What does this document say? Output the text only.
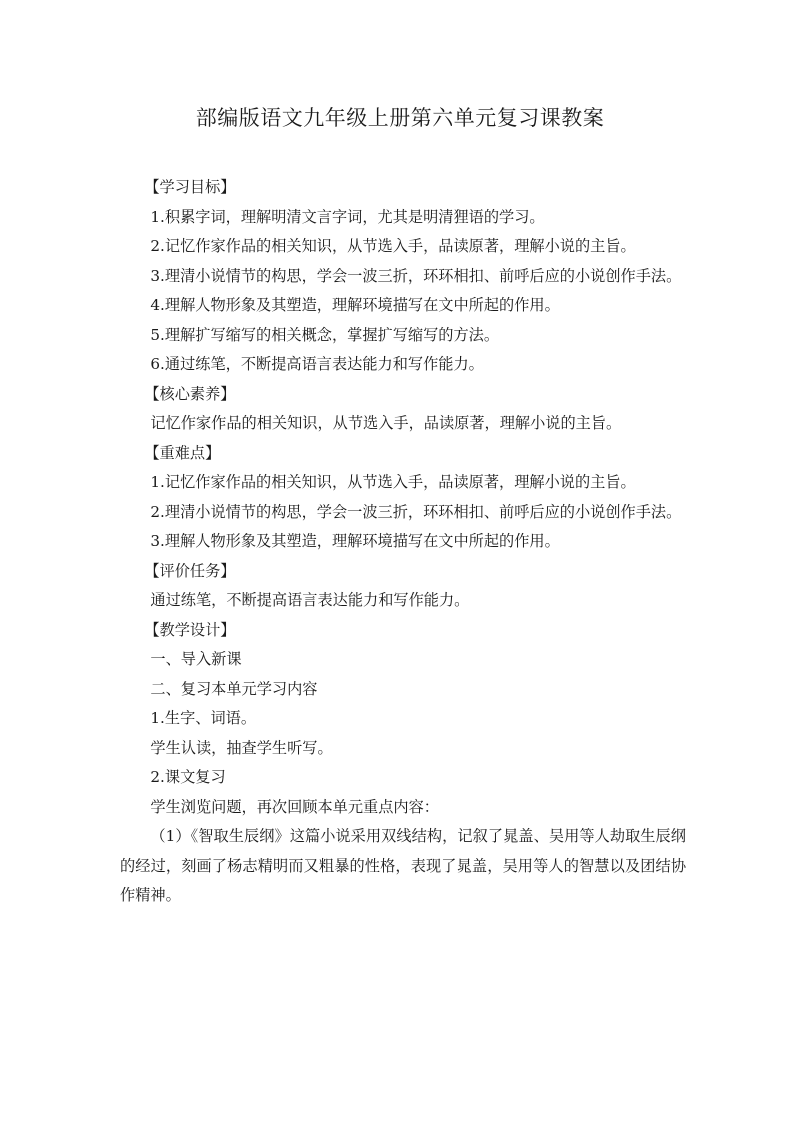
部编版语文九年级上册第六单元复习课教案

【学习目标】

1.积累字词，理解明清文言字词，尤其是明清狸语的学习。

2.记忆作家作品的相关知识，从节选入手，品读原著，理解小说的主旨。

3.理清小说情节的构思，学会一波三折，环环相扣、前呼后应的小说创作手法。

4.理解人物形象及其塑造，理解环境描写在文中所起的作用。

5.理解扩写缩写的相关概念，掌握扩写缩写的方法。

6.通过练笔，不断提高语言表达能力和写作能力。

【核心素养】

记忆作家作品的相关知识，从节选入手，品读原著，理解小说的主旨。

【重难点】

1.记忆作家作品的相关知识，从节选入手，品读原著，理解小说的主旨。

2.理清小说情节的构思，学会一波三折，环环相扣、前呼后应的小说创作手法。

3.理解人物形象及其塑造，理解环境描写在文中所起的作用。

【评价任务】

通过练笔，不断提高语言表达能力和写作能力。

【教学设计】

一、导入新课

二、复习本单元学习内容

1.生字、词语。

学生认读，抽查学生听写。

2.课文复习

学生浏览问题，再次回顾本单元重点内容：

（1）《智取生辰纲》这篇小说采用双线结构，记叙了晁盖、吴用等人劫取生辰纲的经过，刻画了杨志精明而又粗暴的性格，表现了晁盖，吴用等人的智慧以及团结协作精神。
